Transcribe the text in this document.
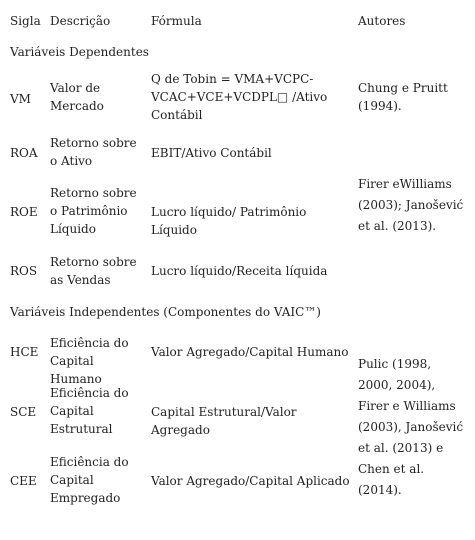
Sigla Descrição	Fórmula	Autores
Variáveis Dependentes
VM
Valor de Mercado
Q de Tobin = VMA+VCPC-VCAC+VCE+VCDPL□ /Ativo Contábil
Chung e Pruitt (1994).
ROA
Retorno sobre o Ativo
EBIT/Ativo Contábil
ROE
Retorno sobre o Patrimônio Líquido
Lucro líquido/ Patrimônio Líquido
Firer eWilliams (2003); Janošević et al. (2013).
ROS
Retorno sobre as Vendas
Lucro líquido/Receita líquida
Variáveis Independentes (Componentes do VAIC™)
HCE
Eficiência do Capital Humano
Valor Agregado/Capital Humano
SCE
Eficiência do Capital Estrutural
Capital Estrutural/Valor Agregado
CEE
Eficiência do Capital Empregado
Valor Agregado/Capital Aplicado
Pulic (1998, 2000, 2004), Firer e Williams (2003), Janošević et al. (2013) e Chen et al. (2014).
